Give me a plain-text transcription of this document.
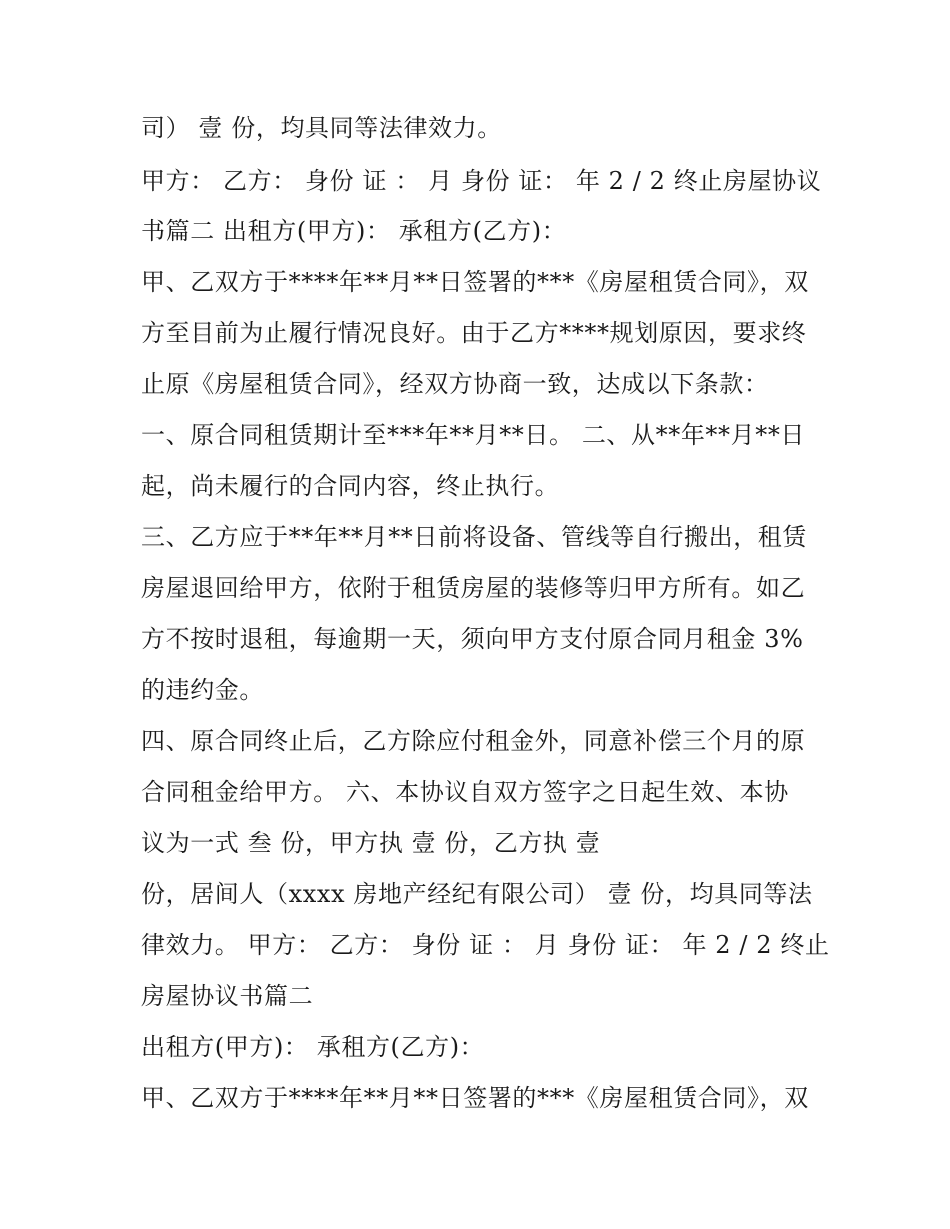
司） 壹 份，均具同等法律效力。

甲方： 乙方： 身份 证 ： 月 身份 证： 年 2 / 2 终止房屋协议

书篇二 出租方(甲方)： 承租方(乙方)：

甲、乙双方于****年**月**日签署的***《房屋租赁合同》，双

方至目前为止履行情况良好。由于乙方****规划原因，要求终

止原《房屋租赁合同》，经双方协商一致，达成以下条款：

一、原合同租赁期计至***年**月**日。 二、从**年**月**日

起，尚未履行的合同内容，终止执行。

三、乙方应于**年**月**日前将设备、管线等自行搬出，租赁

房屋退回给甲方，依附于租赁房屋的装修等归甲方所有。如乙

方不按时退租，每逾期一天，须向甲方支付原合同月租金 3%

的违约金。

四、原合同终止后，乙方除应付租金外，同意补偿三个月的原

合同租金给甲方。 六、本协议自双方签字之日起生效、本协

议为一式 叁 份，甲方执 壹 份，乙方执 壹

份，居间人（xxxx 房地产经纪有限公司） 壹 份，均具同等法

律效力。 甲方： 乙方： 身份 证 ： 月 身份 证： 年 2 / 2 终止

房屋协议书篇二

出租方(甲方)： 承租方(乙方)：

甲、乙双方于****年**月**日签署的***《房屋租赁合同》，双
